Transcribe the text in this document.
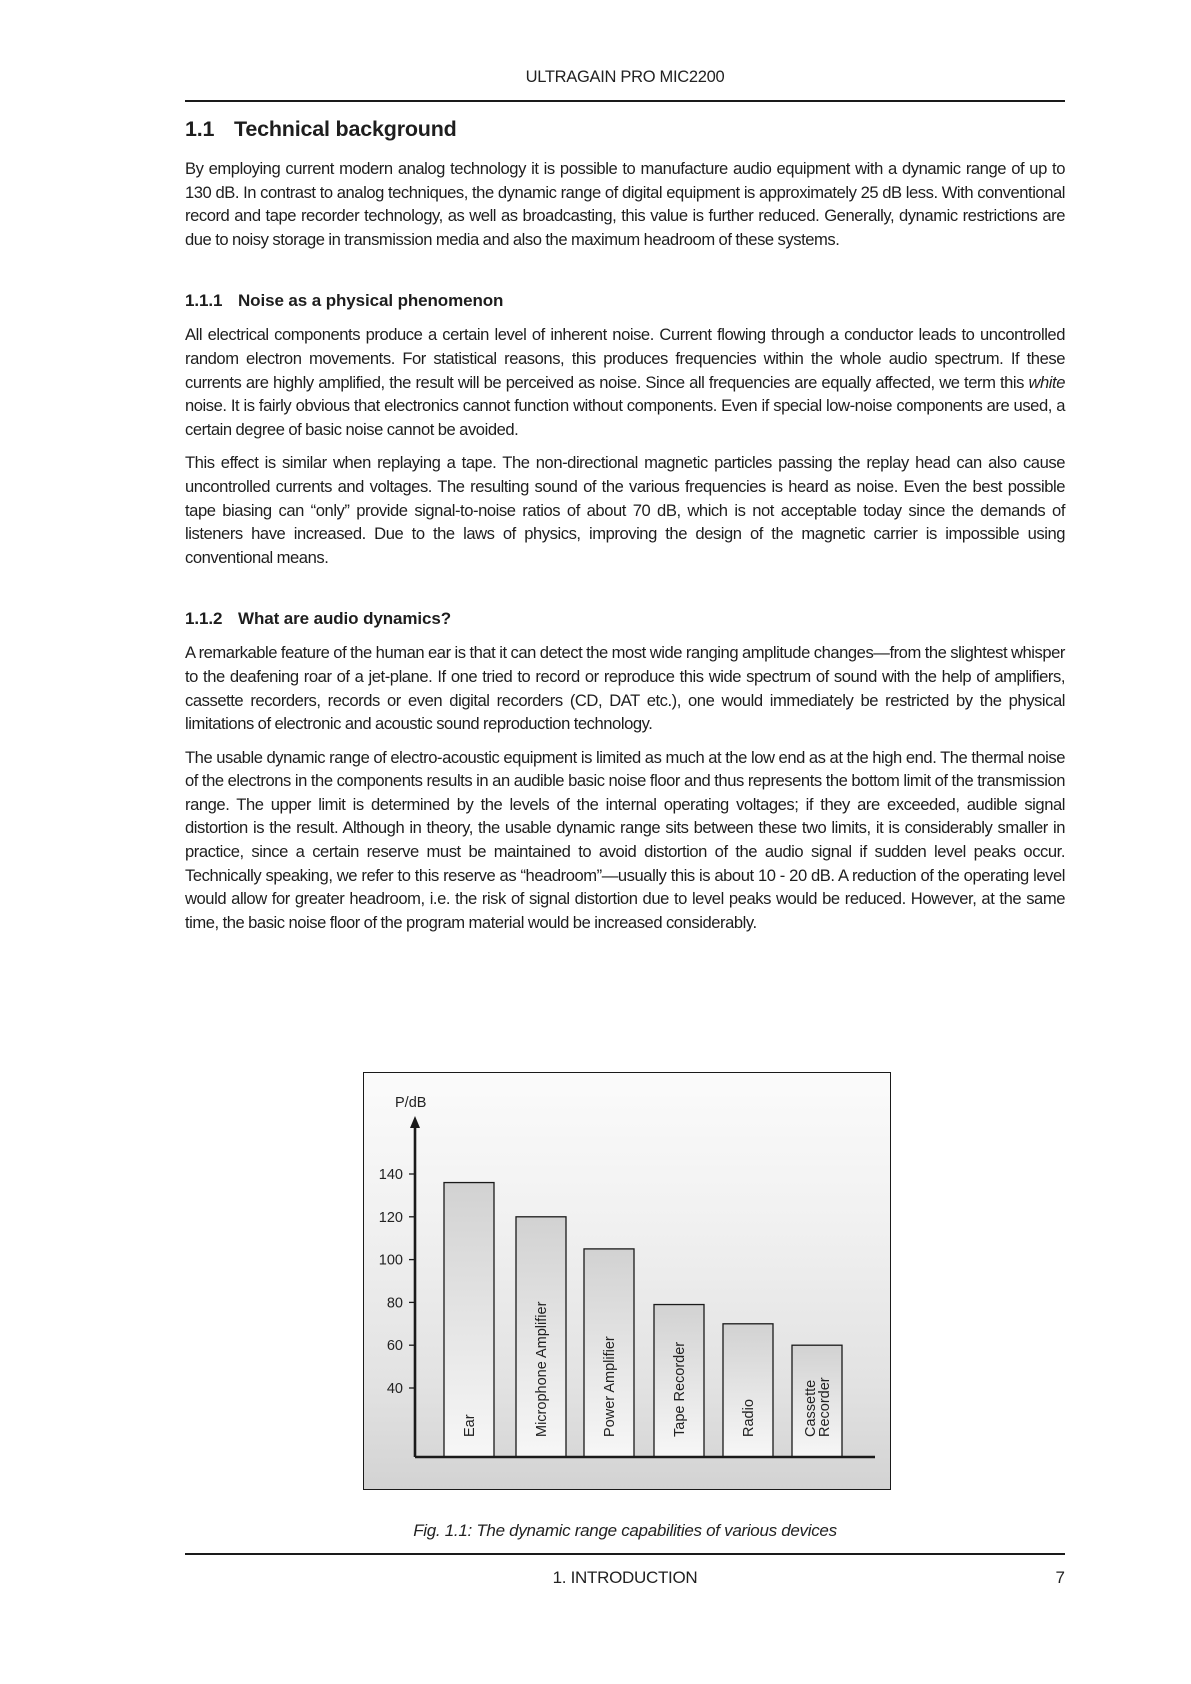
ULTRAGAIN PRO MIC2200
1.1 Technical background

By employing current modern analog technology it is possible to manufacture audio equipment with a dynamic range of up to 130 dB. In contrast to analog techniques, the dynamic range of digital equipment is approximately 25 dB less. With conventional record and tape recorder technology, as well as broadcasting, this value is further reduced. Generally, dynamic restrictions are due to noisy storage in transmission media and also the maximum headroom of these systems.

1.1.1 Noise as a physical phenomenon

All electrical components produce a certain level of inherent noise. Current flowing through a conductor leads to uncontrolled random electron movements. For statistical reasons, this produces frequencies within the whole audio spectrum. If these currents are highly amplified, the result will be perceived as noise. Since all frequencies are equally affected, we term this white noise. It is fairly obvious that electronics cannot function without components. Even if special low-noise components are used, a certain degree of basic noise cannot be avoided.

This effect is similar when replaying a tape. The non-directional magnetic particles passing the replay head can also cause uncontrolled currents and voltages. The resulting sound of the various frequencies is heard as noise. Even the best possible tape biasing can “only” provide signal-to-noise ratios of about 70 dB, which is not acceptable today since the demands of listeners have increased. Due to the laws of physics, improving the design of the magnetic carrier is impossible using conventional means.

1.1.2 What are audio dynamics?

A remarkable feature of the human ear is that it can detect the most wide ranging amplitude changes—from the slightest whisper to the deafening roar of a jet-plane. If one tried to record or reproduce this wide spectrum of sound with the help of amplifiers, cassette recorders, records or even digital recorders (CD, DAT etc.), one would immediately be restricted by the physical limitations of electronic and acoustic sound reproduction technology.

The usable dynamic range of electro-acoustic equipment is limited as much at the low end as at the high end. The thermal noise of the electrons in the components results in an audible basic noise floor and thus represents the bottom limit of the transmission range. The upper limit is determined by the levels of the internal operating voltages; if they are exceeded, audible signal distortion is the result. Although in theory, the usable dynamic range sits between these two limits, it is considerably smaller in practice, since a certain reserve must be maintained to avoid distortion of the audio signal if sudden level peaks occur. Technically speaking, we refer to this reserve as “headroom”—usually this is about 10 - 20 dB. A reduction of the operating level would allow for greater headroom, i.e. the risk of signal distortion due to level peaks would be reduced. However, at the same time, the basic noise floor of the program material would be increased considerably.

P/dB
40
60
80
100
120
140
Ear	Microphone Amplifier	Power Amplifier	Tape Recorder	Radio	Cassette
Recorder
Fig. 1.1: The dynamic range capabilities of various devices
1. INTRODUCTION	7
